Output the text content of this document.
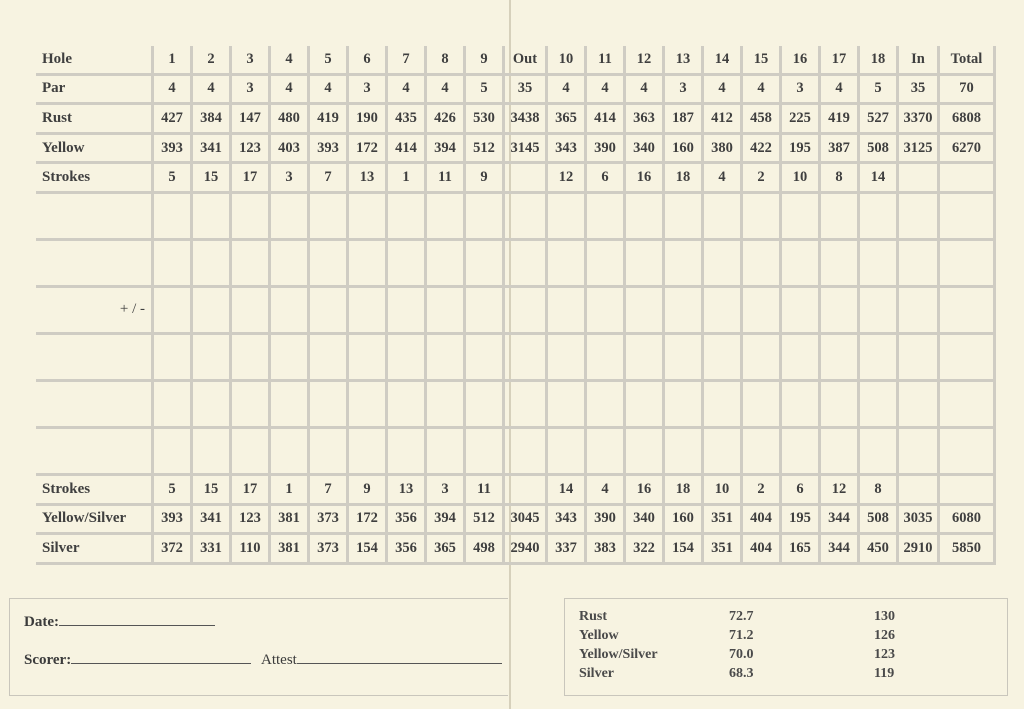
Hole	1	2	3	4	5	6	7	8	9	Out	10	11	12	13	14	15	16	17	18	In	Total
Par	4	4	3	4	4	3	4	4	5	35	4	4	4	3	4	4	3	4	5	35	70
Rust	427	384	147	480	419	190	435	426	530	3438	365	414	363	187	412	458	225	419	527	3370	6808
Yellow	393	341	123	403	393	172	414	394	512	3145	343	390	340	160	380	422	195	387	508	3125	6270
Strokes	5	15	17	3	7	13	1	11	9		12	6	16	18	4	2	10	8	14		

+ / -																					

Strokes	5	15	17	1	7	9	13	3	11		14	4	16	18	10	2	6	12	8		
Yellow/Silver	393	341	123	381	373	172	356	394	512	3045	343	390	340	160	351	404	195	344	508	3035	6080
Silver	372	331	110	381	373	154	356	365	498	2940	337	383	322	154	351	404	165	344	450	2910	5850
Date:
Scorer:	Attest
Rust	72.7	130
Yellow	71.2	126
Yellow/Silver	70.0	123
Silver	68.3	119
